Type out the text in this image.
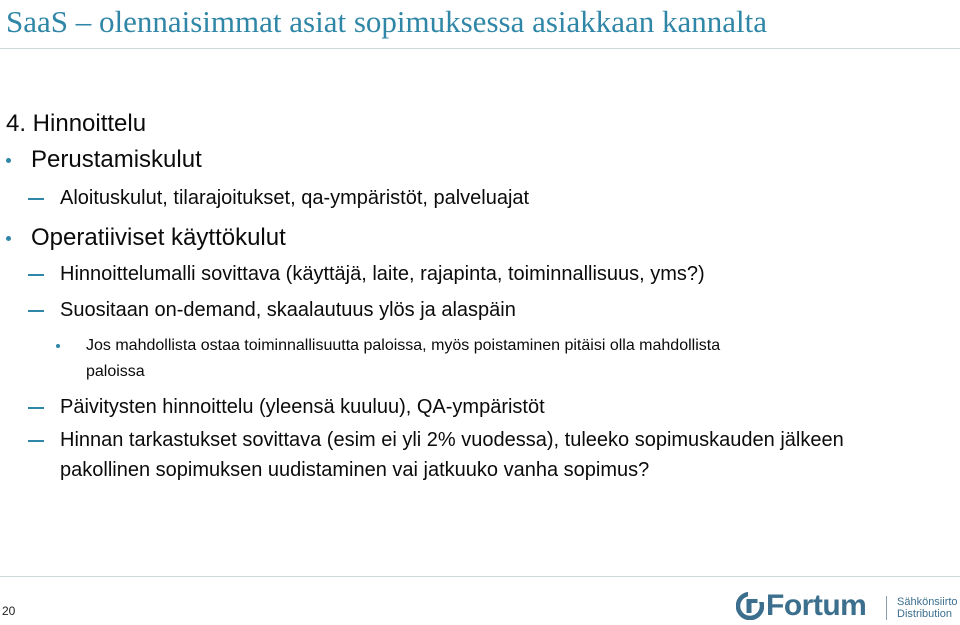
SaaS – olennaisimmat asiat sopimuksessa asiakkaan kannalta
4. Hinnoittelu
Perustamiskulut
Aloituskulut, tilarajoitukset, qa-ympäristöt, palveluajat
Operatiiviset käyttökulut
Hinnoittelumalli sovittava (käyttäjä, laite, rajapinta, toiminnallisuus, yms?)
Suositaan on-demand, skaalautuus ylös ja alaspäin
Jos mahdollista ostaa toiminnallisuutta paloissa, myös poistaminen pitäisi olla mahdollista
paloissa
Päivitysten hinnoittelu (yleensä kuuluu), QA-ympäristöt
Hinnan tarkastukset sovittava (esim ei yli 2% vuodessa), tuleeko sopimuskauden jälkeen
pakollinen sopimuksen uudistaminen vai jatkuuko vanha sopimus?
20	Fortum	Sähkönsiirto
Distribution
